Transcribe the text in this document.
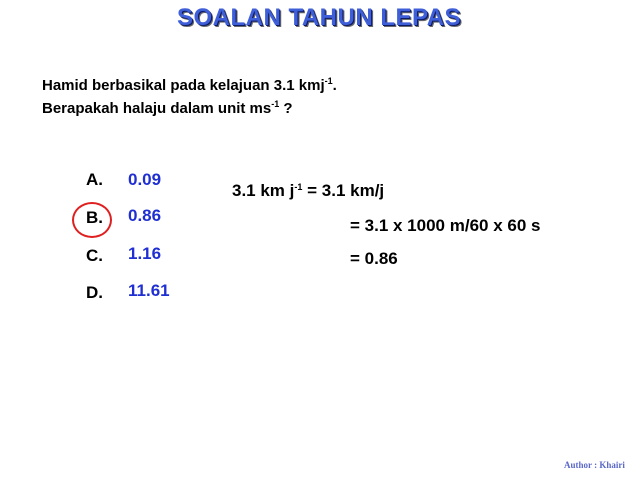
SOALAN TAHUN LEPAS
Hamid berbasikal pada kelajuan 3.1 kmj$^{-1}$.
Berapakah halaju dalam unit $ms^{-1}$ ?
A. 0.09
B. 0.86
C. 1.16
D. 11.61
3.1 km $j^{-1} = 3.1$ km/j
= 3.1 x 1000 m/60 x 60 s
= 0.86
Author : Khairi
